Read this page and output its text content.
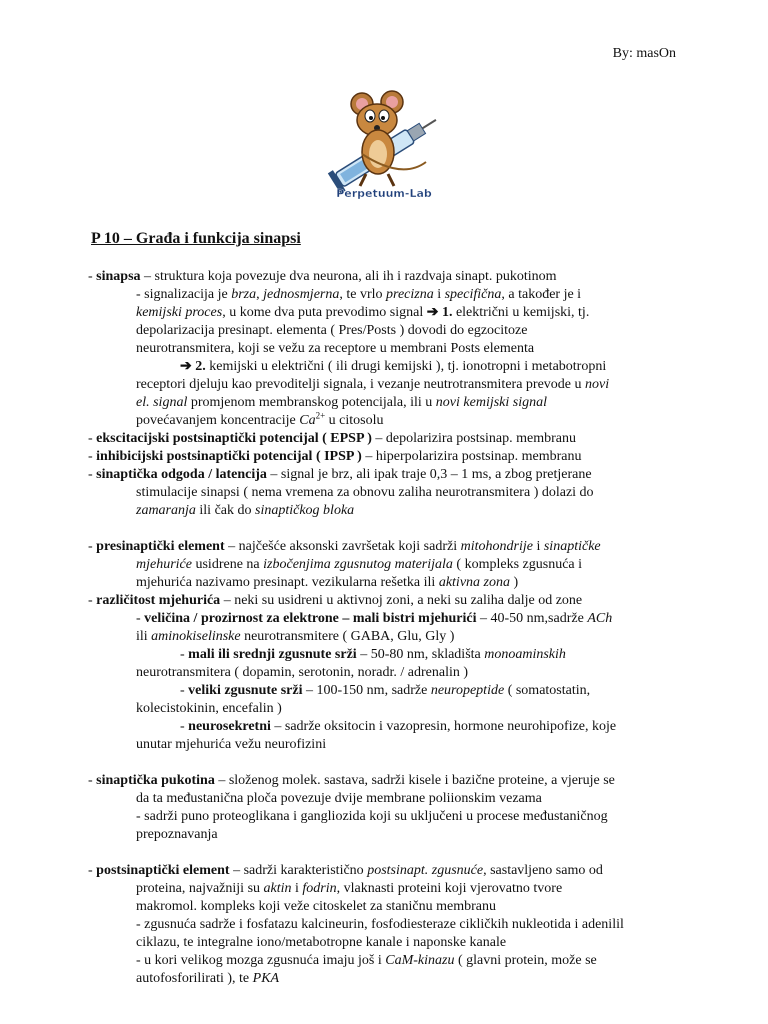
By: masOn
Perpetuum-Lab
P 10 – Građa i funkcija sinapsi
- sinapsa – struktura koja povezuje dva neurona, ali ih i razdvaja sinapt. pukotinom
- signalizacija je brza, jednosmjerna, te vrlo precizna i specifična, a također je i
kemijski proces, u kome dva puta prevodimo signal ➔ 1. električni u kemijski, tj.
depolarizacija presinapt. elementa ( Pres/Posts ) dovodi do egzocitoze
neurotransmitera, koji se vežu za receptore u membrani Posts elementa
➔ 2. kemijski u električni ( ili drugi kemijski ), tj. ionotropni i metabotropni
receptori djeluju kao prevoditelji signala, i vezanje neutrotransmitera prevode u novi
el. signal promjenom membranskog potencijala, ili u novi kemijski signal
povećavanjem koncentracije $Ca^{2+}$ u citosolu
- ekscitacijski postsinaptički potencijal ( EPSP ) – depolarizira postsinap. membranu
- inhibicijski postsinaptički potencijal ( IPSP ) – hiperpolarizira postsinap. membranu
- sinaptička odgoda / latencija – signal je brz, ali ipak traje 0,3 – 1 ms, a zbog pretjerane
stimulacije sinapsi ( nema vremena za obnovu zaliha neurotransmitera ) dolazi do
zamaranja ili čak do sinaptičkog bloka
- presinaptički element – najčešće aksonski završetak koji sadrži mitohondrije i sinaptičke
mjehuriće usidrene na izbočenjima zgusnutog materijala ( kompleks zgusnuća i
mjehurića nazivamo presinapt. vezikularna rešetka ili aktivna zona )
- različitost mjehurića – neki su usidreni u aktivnoj zoni, a neki su zaliha dalje od zone
- veličina / prozirnost za elektrone – mali bistri mjehurići – 40-50 nm,sadrže ACh
ili aminokiselinske neurotransmitere ( GABA, Glu, Gly )
- mali ili srednji zgusnute srži – 50-80 nm, skladišta monoaminskih
neurotransmitera ( dopamin, serotonin, noradr. / adrenalin )
- veliki zgusnute srži – 100-150 nm, sadrže neuropeptide ( somatostatin,
kolecistokinin, encefalin )
- neurosekretni – sadrže oksitocin i vazopresin, hormone neurohipofize, koje
unutar mjehurića vežu neurofizini
- sinaptička pukotina – složenog molek. sastava, sadrži kisele i bazične proteine, a vjeruje se
da ta međustanična ploča povezuje dvije membrane poliionskim vezama
- sadrži puno proteoglikana i gangliozida koji su uključeni u procese međustaničnog
prepoznavanja
- postsinaptički element – sadrži karakteristično postsinapt. zgusnuće, sastavljeno samo od
proteina, najvažniji su aktin i fodrin, vlaknasti proteini koji vjerovatno tvore
makromol. kompleks koji veže citoskelet za staničnu membranu
- zgusnuća sadrže i fosfatazu kalcineurin, fosfodiesteraze cikličkih nukleotida i adenilil
ciklazu, te integralne iono/metabotropne kanale i naponske kanale
- u kori velikog mozga zgusnuća imaju još i CaM-kinazu ( glavni protein, može se
autofosforilirati ), te PKA
